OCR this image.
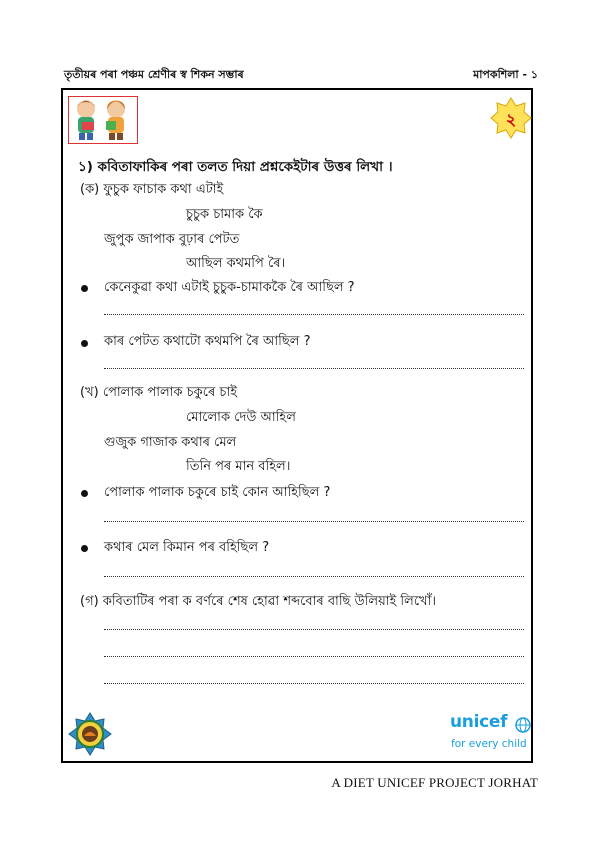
তৃতীয়ৰ পৰা পঞ্চম শ্ৰেণীৰ স্ব শিকন সম্ভাৰ	মাপকশিলা - ১
২
১) কবিতাফাকিৰ পৰা তলত দিয়া প্ৰশ্নকেইটাৰ উত্তৰ লিখা ।
(ক) ফুচুক ফাচাক কথা এটাই
চুচুক চামাক কৈ
জুপুক জাপাক বুঢ়াৰ পেটত
আছিল কথমপি ৰৈ।
কেনেকুৱা কথা এটাই চুচুক-চামাককৈ ৰৈ আছিল ?
কাৰ পেটত কথাটো কথমপি ৰৈ আছিল ?
(খ) পোলাক পালাক চকুৰে চাই
মোলোক দেউ আহিল
গুজুক গাজাক কথাৰ মেল
তিনি পৰ মান বহিল।
পোলাক পালাক চকুৰে চাই কোন আহিছিল ?
কথাৰ মেল কিমান পৰ বহিছিল ?
(গ) কবিতাটিৰ পৰা ক বৰ্ণৰে শেষ হোৱা শব্দবোৰ বাছি উলিয়াই লিখোঁ।
unicef
for every child
A DIET UNICEF PROJECT JORHAT
